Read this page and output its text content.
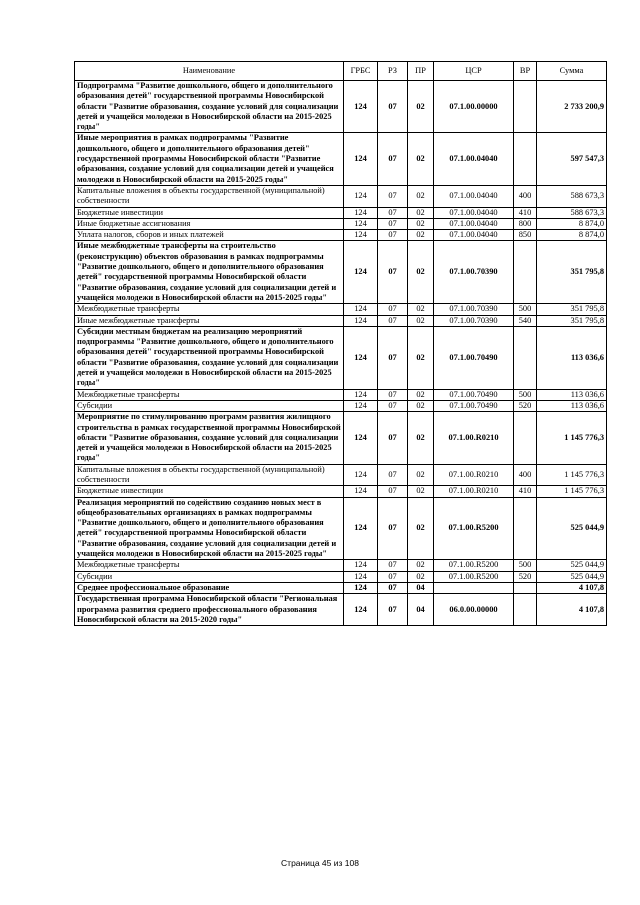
Наименование	ГРБС	РЗ	ПР	ЦСР	ВР	Сумма
Подпрограмма "Развитие дошкольного, общего и дополнительного образования детей" государственной программы Новосибирской области "Развитие образования, создание условий для социализации детей и учащейся молодежи в Новосибирской области на 2015-2025 годы"	124	07	02	07.1.00.00000		2 733 200,9
Иные мероприятия в рамках подпрограммы "Развитие дошкольного, общего и дополнительного образования детей" государственной программы Новосибирской области "Развитие образования, создание условий для социализации детей и учащейся молодежи в Новосибирской области на 2015-2025 годы"	124	07	02	07.1.00.04040		597 547,3
Капитальные вложения в объекты государственной (муниципальной) собственности	124	07	02	07.1.00.04040	400	588 673,3
Бюджетные инвестиции	124	07	02	07.1.00.04040	410	588 673,3
Иные бюджетные ассигнования	124	07	02	07.1.00.04040	800	8 874,0
Уплата налогов, сборов и иных платежей	124	07	02	07.1.00.04040	850	8 874,0
Иные межбюджетные трансферты на строительство (реконструкцию) объектов образования в рамках подпрограммы "Развитие дошкольного, общего и дополнительного образования детей" государственной программы Новосибирской области "Развитие образования, создание условий для социализации детей и учащейся молодежи в Новосибирской области на 2015-2025 годы"	124	07	02	07.1.00.70390		351 795,8
Межбюджетные трансферты	124	07	02	07.1.00.70390	500	351 795,8
Иные межбюджетные трансферты	124	07	02	07.1.00.70390	540	351 795,8
Субсидии местным бюджетам на реализацию мероприятий подпрограммы "Развитие дошкольного, общего и дополнительного образования детей" государственной программы Новосибирской области "Развитие образования, создание условий для социализации детей и учащейся молодежи в Новосибирской области на 2015-2025 годы"	124	07	02	07.1.00.70490		113 036,6
Межбюджетные трансферты	124	07	02	07.1.00.70490	500	113 036,6
Субсидии	124	07	02	07.1.00.70490	520	113 036,6
Мероприятие по стимулированию программ развития жилищного строительства в рамках государственной программы Новосибирской области "Развитие образования, создание условий для социализации детей и учащейся молодежи в Новосибирской области на 2015-2025 годы"	124	07	02	07.1.00.R0210		1 145 776,3
Капитальные вложения в объекты государственной (муниципальной) собственности	124	07	02	07.1.00.R0210	400	1 145 776,3
Бюджетные инвестиции	124	07	02	07.1.00.R0210	410	1 145 776,3
Реализация мероприятий по содействию созданию новых мест в общеобразовательных организациях в рамках подпрограммы "Развитие дошкольного, общего и дополнительного образования детей" государственной программы Новосибирской области "Развитие образования, создание условий для социализации детей и учащейся молодежи в Новосибирской области на 2015-2025 годы"	124	07	02	07.1.00.R5200		525 044,9
Межбюджетные трансферты	124	07	02	07.1.00.R5200	500	525 044,9
Субсидии	124	07	02	07.1.00.R5200	520	525 044,9
Среднее профессиональное образование	124	07	04			4 107,8
Государственная программа Новосибирской области "Региональная программа развития среднего профессионального образования Новосибирской области на 2015-2020 годы"	124	07	04	06.0.00.00000		4 107,8
Страница 45 из 108
